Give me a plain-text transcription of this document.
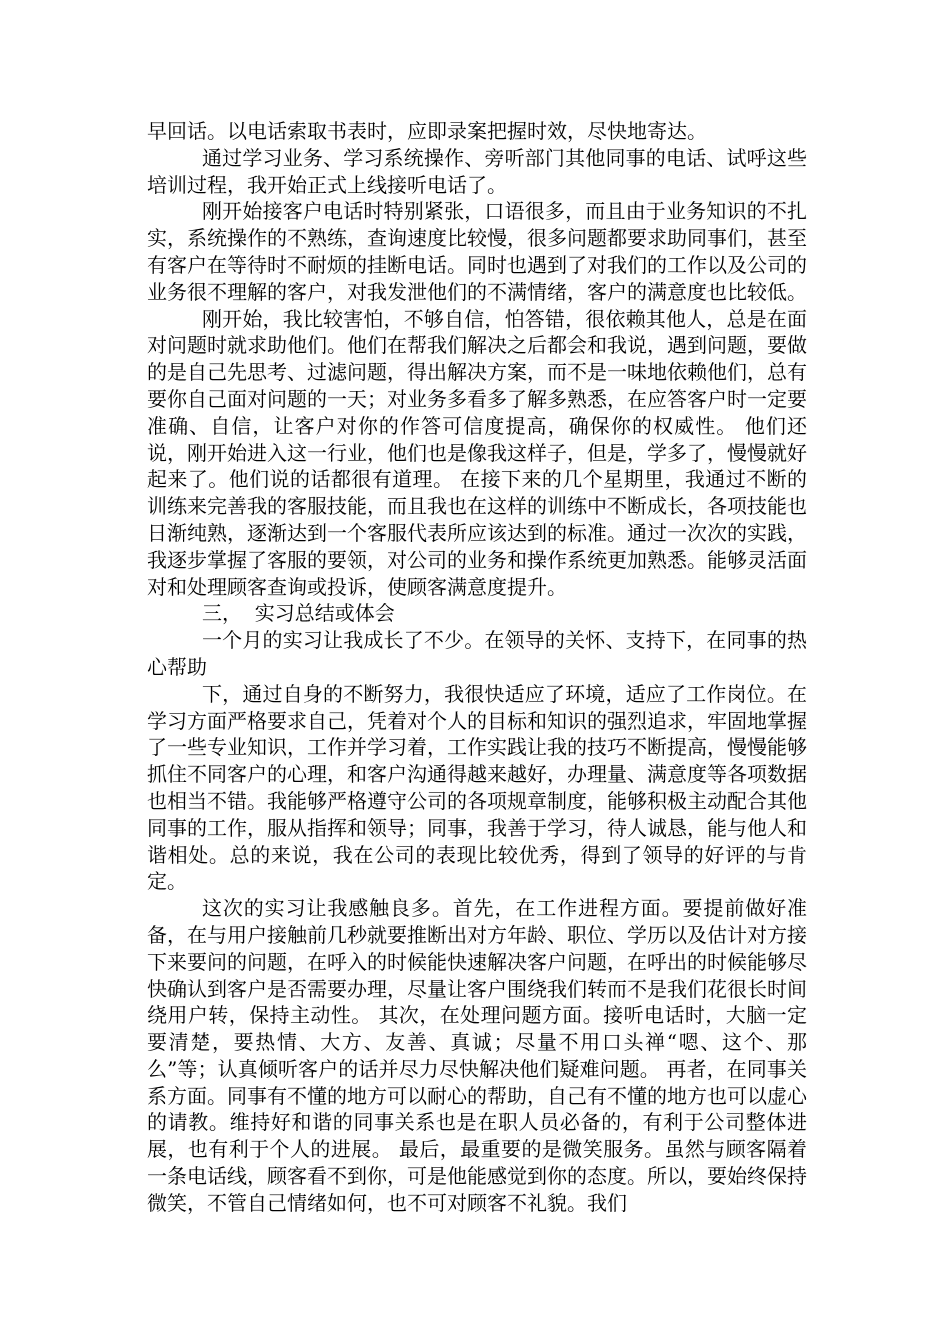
早回话。以电话索取书表时，应即录案把握时效，尽快地寄达。

通过学习业务、学习系统操作、旁听部门其他同事的电话、试呼这些培训过程，我开始正式上线接听电话了。

刚开始接客户电话时特别紧张，口语很多，而且由于业务知识的不扎实，系统操作的不熟练，查询速度比较慢，很多问题都要求助同事们，甚至有客户在等待时不耐烦的挂断电话。同时也遇到了对我们的工作以及公司的业务很不理解的客户，对我发泄他们的不满情绪，客户的满意度也比较低。

刚开始，我比较害怕，不够自信，怕答错，很依赖其他人，总是在面对问题时就求助他们。他们在帮我们解决之后都会和我说，遇到问题，要做的是自己先思考、过滤问题，得出解决方案，而不是一味地依赖他们，总有要你自己面对问题的一天；对业务多看多了解多熟悉，在应答客户时一定要准确、自信，让客户对你的作答可信度提高，确保你的权威性。 他们还说，刚开始进入这一行业，他们也是像我这样子，但是，学多了，慢慢就好起来了。他们说的话都很有道理。 在接下来的几个星期里，我通过不断的训练来完善我的客服技能，而且我也在这样的训练中不断成长，各项技能也日渐纯熟，逐渐达到一个客服代表所应该达到的标准。通过一次次的实践，我逐步掌握了客服的要领，对公司的业务和操作系统更加熟悉。能够灵活面对和处理顾客查询或投诉，使顾客满意度提升。

三，  实习总结或体会

一个月的实习让我成长了不少。在领导的关怀、支持下，在同事的热心帮助

下，通过自身的不断努力，我很快适应了环境，适应了工作岗位。在学习方面严格要求自己，凭着对个人的目标和知识的强烈追求，牢固地掌握了一些专业知识，工作并学习着，工作实践让我的技巧不断提高，慢慢能够抓住不同客户的心理，和客户沟通得越来越好，办理量、满意度等各项数据也相当不错。我能够严格遵守公司的各项规章制度，能够积极主动配合其他同事的工作，服从指挥和领导；同事，我善于学习，待人诚恳，能与他人和谐相处。总的来说，我在公司的表现比较优秀，得到了领导的好评的与肯定。

这次的实习让我感触良多。首先，在工作进程方面。要提前做好准备，在与用户接触前几秒就要推断出对方年龄、职位、学历以及估计对方接下来要问的问题，在呼入的时候能快速解决客户问题，在呼出的时候能够尽快确认到客户是否需要办理，尽量让客户围绕我们转而不是我们花很长时间绕用户转，保持主动性。 其次，在处理问题方面。接听电话时，大脑一定要清楚，要热情、大方、友善、真诚；尽量不用口头禅“嗯、这个、那么”等；认真倾听客户的话并尽力尽快解决他们疑难问题。 再者，在同事关系方面。同事有不懂的地方可以耐心的帮助，自己有不懂的地方也可以虚心的请教。维持好和谐的同事关系也是在职人员必备的，有利于公司整体进展，也有利于个人的进展。 最后，最重要的是微笑服务。虽然与顾客隔着一条电话线，顾客看不到你，可是他能感觉到你的态度。所以，要始终保持微笑，不管自己情绪如何，也不可对顾客不礼貌。我们
